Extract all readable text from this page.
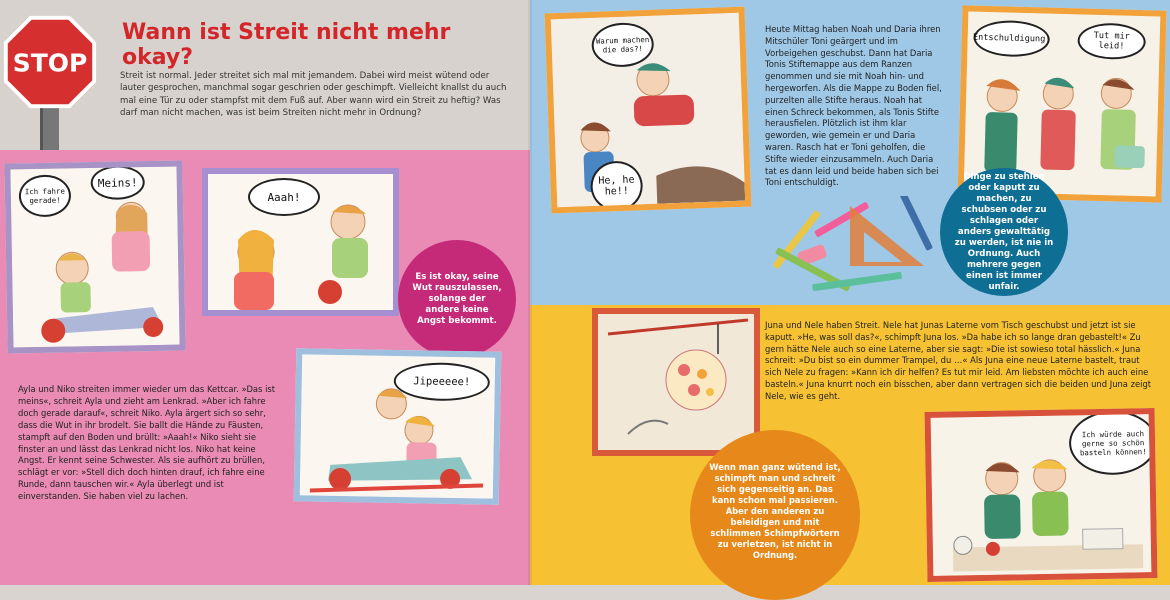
STOP
Wann ist Streit nicht mehr okay?
Streit ist normal. Jeder streitet sich mal mit jemandem. Dabei wird meist wütend oder lauter gesprochen, manchmal sogar geschrien oder geschimpft. Vielleicht knallst du auch mal eine Tür zu oder stampfst mit dem Fuß auf. Aber wann wird ein Streit zu heftig? Was darf man nicht machen, was ist beim Streiten nicht mehr in Ordnung?
Ich fahre gerade!
Meins!
Aaah!
Es ist okay, seine Wut rauszulassen, solange der andere keine Angst bekommt.
Jipeeeee!
Ayla und Niko streiten immer wieder um das Kettcar. »Das ist meins«, schreit Ayla und zieht am Lenkrad. »Aber ich fahre doch gerade darauf«, schreit Niko. Ayla ärgert sich so sehr, dass die Wut in ihr brodelt. Sie ballt die Hände zu Fäusten, stampft auf den Boden und brüllt: »Aaah!« Niko sieht sie finster an und lässt das Lenkrad nicht los. Niko hat keine Angst. Er kennt seine Schwester. Als sie aufhört zu brüllen, schlägt er vor: »Stell dich doch hinten drauf, ich fahre eine Runde, dann tauschen wir.« Ayla überlegt und ist einverstanden. Sie haben viel zu lachen.
Warum machen die das?!
He, he he!!
Heute Mittag haben Noah und Daria ihren Mitschüler Toni geärgert und im Vorbeigehen geschubst. Dann hat Daria Tonis Stiftemappe aus dem Ranzen genommen und sie mit Noah hin- und hergeworfen. Als die Mappe zu Boden fiel, purzelten alle Stifte heraus. Noah hat einen Schreck bekommen, als Tonis Stifte herausfielen. Plötzlich ist ihm klar geworden, wie gemein er und Daria waren. Rasch hat er Toni geholfen, die Stifte wieder einzusammeln. Auch Daria tat es dann leid und beide haben sich bei Toni entschuldigt.
Entschuldigung!	Tut mir leid!
Dinge zu stehlen oder kaputt zu machen, zu schubsen oder zu schlagen oder anders gewalttätig zu werden, ist nie in Ordnung. Auch mehrere gegen einen ist immer unfair.
Juna und Nele haben Streit. Nele hat Junas Laterne vom Tisch geschubst und jetzt ist sie kaputt. »He, was soll das?«, schimpft Juna los. »Da habe ich so lange dran gebastelt!« Zu gern hätte Nele auch so eine Laterne, aber sie sagt: »Die ist sowieso total hässlich.« Juna schreit: »Du bist so ein dummer Trampel, du …« Als Juna eine neue Laterne bastelt, traut sich Nele zu fragen: »Kann ich dir helfen? Es tut mir leid. Am liebsten möchte ich auch eine basteln.« Juna knurrt noch ein bisschen, aber dann vertragen sich die beiden und Juna zeigt Nele, wie es geht.
Wenn man ganz wütend ist, schimpft man und schreit sich gegenseitig an. Das kann schon mal passieren. Aber den anderen zu beleidigen und mit schlimmen Schimpfwörtern zu verletzen, ist nicht in Ordnung.
Ich würde auch gerne so schön basteln können!
